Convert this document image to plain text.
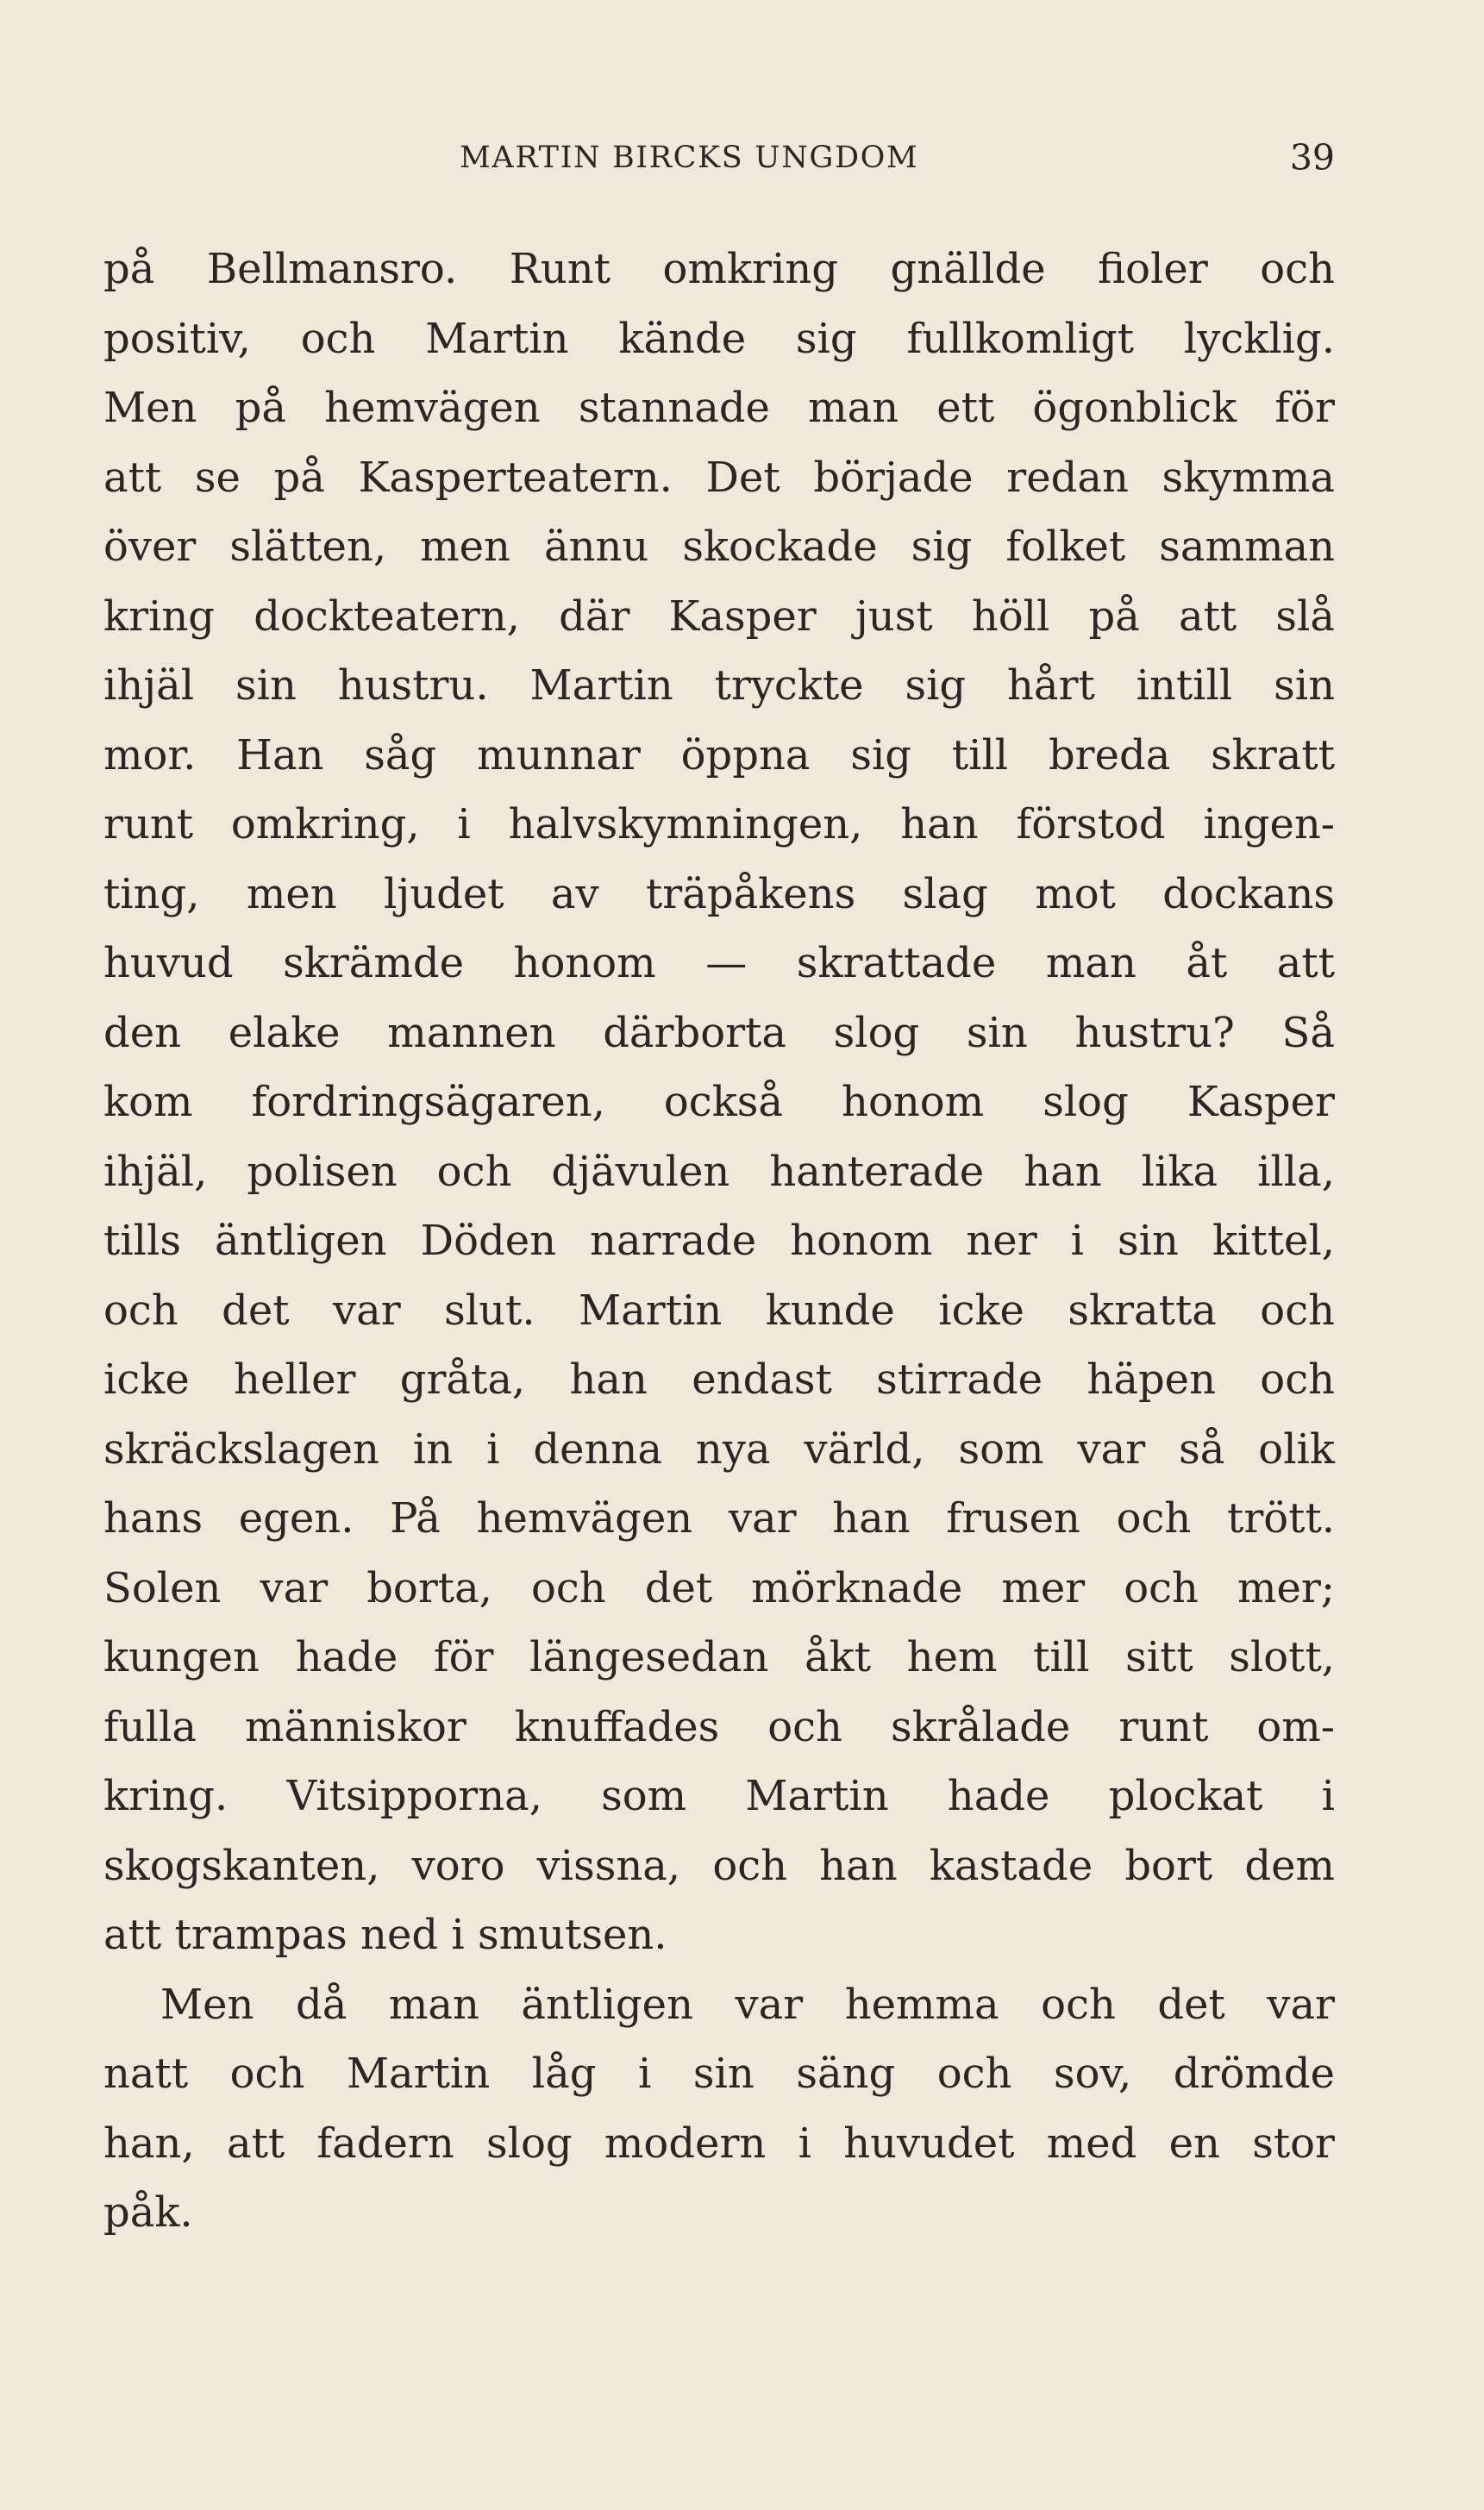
MARTIN BIRCKS UNGDOM	39
på Bellmansro. Runt omkring gnällde fioler och
positiv, och Martin kände sig fullkomligt lycklig.
Men på hemvägen stannade man ett ögonblick för
att se på Kasperteatern. Det började redan skymma
över slätten, men ännu skockade sig folket samman
kring dockteatern, där Kasper just höll på att slå
ihjäl sin hustru. Martin tryckte sig hårt intill sin
mor. Han såg munnar öppna sig till breda skratt
runt omkring, i halvskymningen, han förstod ingen-
ting, men ljudet av träpåkens slag mot dockans
huvud skrämde honom — skrattade man åt att
den elake mannen därborta slog sin hustru? Så
kom fordringsägaren, också honom slog Kasper
ihjäl, polisen och djävulen hanterade han lika illa,
tills äntligen Döden narrade honom ner i sin kittel,
och det var slut. Martin kunde icke skratta och
icke heller gråta, han endast stirrade häpen och
skräckslagen in i denna nya värld, som var så olik
hans egen. På hemvägen var han frusen och trött.
Solen var borta, och det mörknade mer och mer;
kungen hade för längesedan åkt hem till sitt slott,
fulla människor knuffades och skrålade runt om-
kring. Vitsipporna, som Martin hade plockat i
skogskanten, voro vissna, och han kastade bort dem
att trampas ned i smutsen.
Men då man äntligen var hemma och det var
natt och Martin låg i sin säng och sov, drömde
han, att fadern slog modern i huvudet med en stor
påk.
